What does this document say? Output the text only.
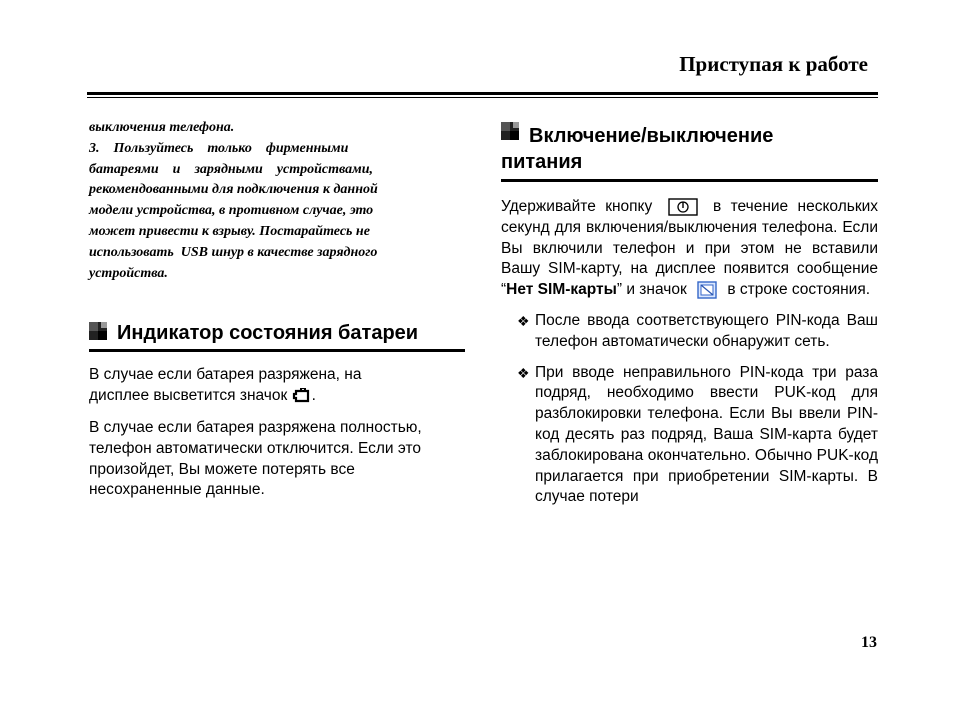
Приступая к работе
выключения телефона.
3.    Пользуйтесь    только    фирменными
батареями    и    зарядными    устройствами,
рекомендованными для подключения к данной
модели устройства, в противном случае, это
может привести к взрыву. Постарайтесь не
использовать  USB шнур в качестве зарядного
устройства.
Индикатор состояния батареи

В случае если батарея разряжена, на
дисплее высветится значок .

В случае если батарея разряжена полностью, телефон автоматически отключится. Если это произойдет, Вы можете потерять все несохраненные данные.

Включение/выключение
питания

Удерживайте кнопку	в течение нескольких секунд для включения/выключения телефона. Если Вы включили телефон и при этом не вставили Вашу SIM-карту, на дисплее появится сообщение “Нет SIM-карты” и значок	в строке состояния.

❖ После ввода соответствующего PIN-кода Ваш телефон автоматически обнаружит сеть.
❖ При вводе неправильного PIN-кода три раза подряд, необходимо ввести PUK-код для разблокировки телефона. Если Вы ввели PIN-код десять раз подряд, Ваша SIM-карта будет заблокирована окончательно. Обычно PUK-код прилагается при приобретении SIM-карты. В случае потери
13
